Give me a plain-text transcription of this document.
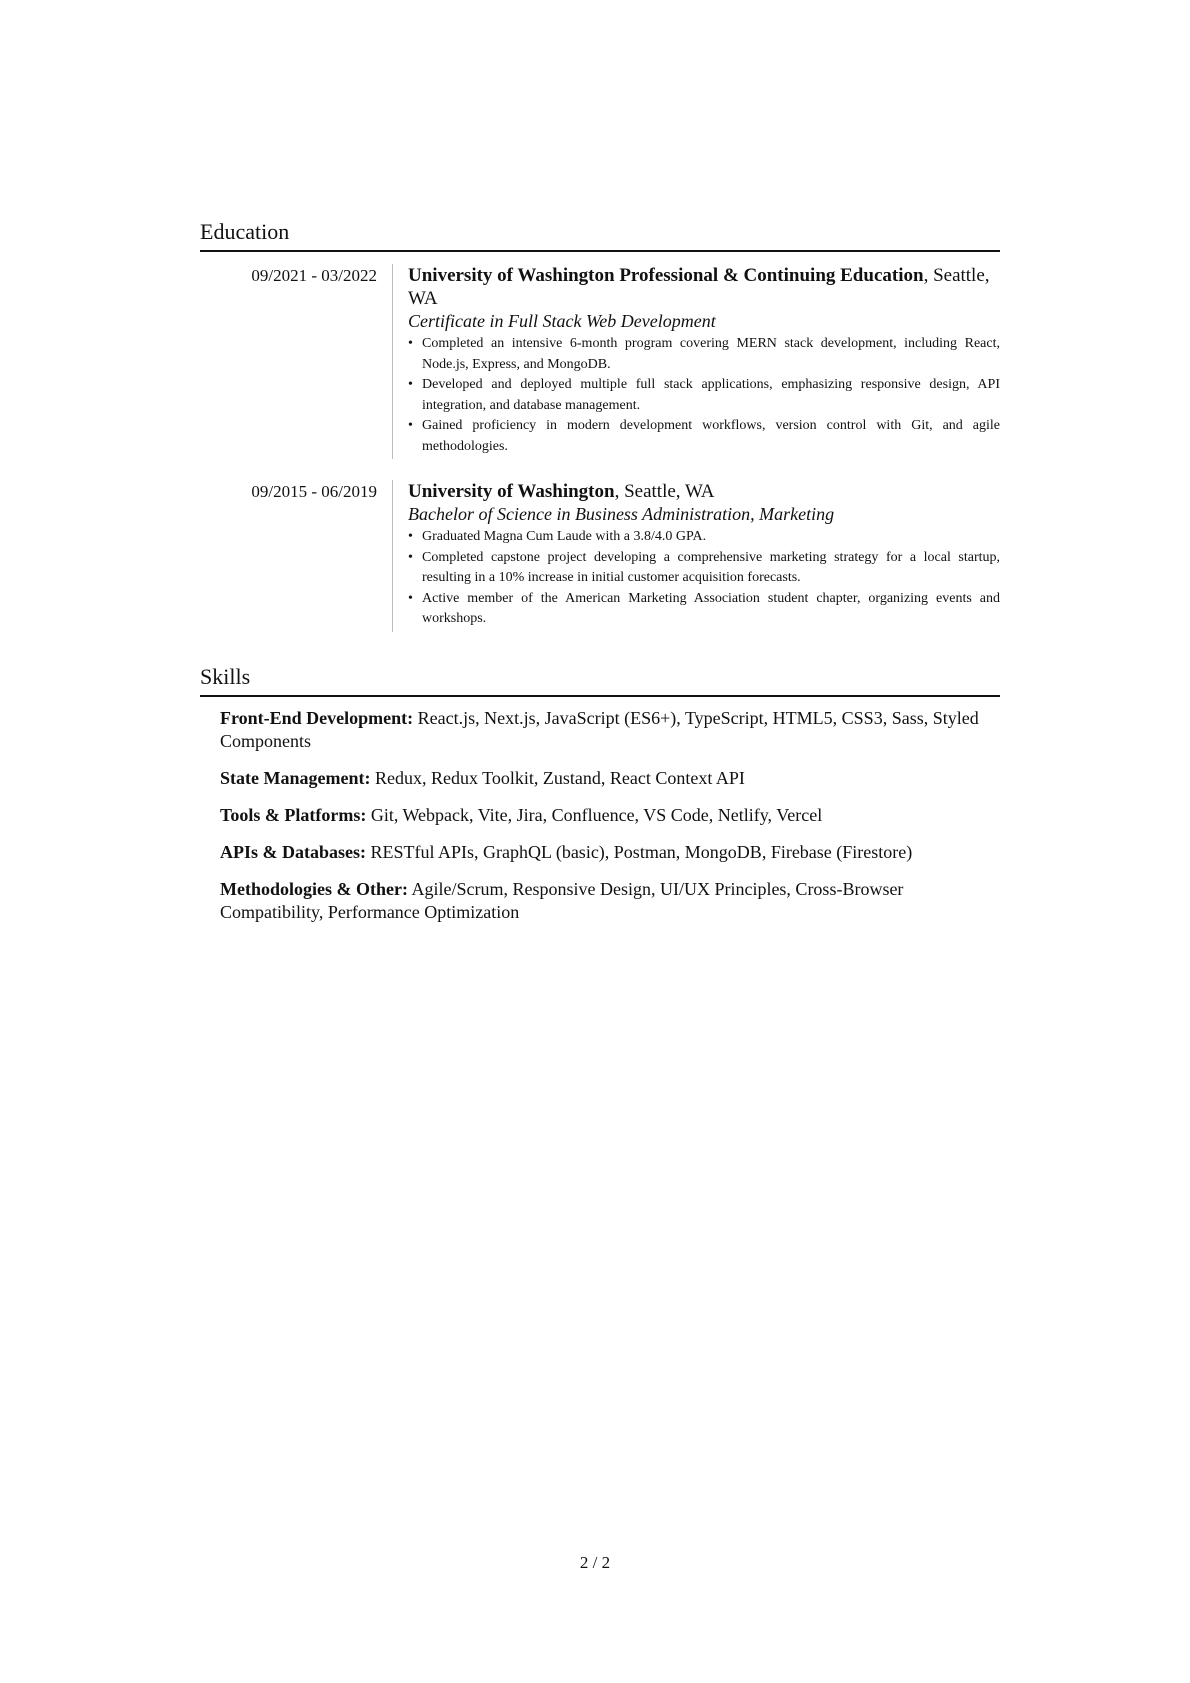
Education
09/2021 - 03/2022	University of Washington Professional & Continuing Education, Seattle, WA
Certificate in Full Stack Web Development
• Completed an intensive 6-month program covering MERN stack development, including React, Node.js, Express, and MongoDB.
• Developed and deployed multiple full stack applications, emphasizing responsive design, API integration, and database management.
• Gained proficiency in modern development workflows, version control with Git, and agile methodologies.
09/2015 - 06/2019	University of Washington, Seattle, WA
Bachelor of Science in Business Administration, Marketing
• Graduated Magna Cum Laude with a 3.8/4.0 GPA.
• Completed capstone project developing a comprehensive marketing strategy for a local startup, resulting in a 10% increase in initial customer acquisition forecasts.
• Active member of the American Marketing Association student chapter, organizing events and workshops.
Skills
Front-End Development: React.js, Next.js, JavaScript (ES6+), TypeScript, HTML5, CSS3, Sass, Styled Components
State Management: Redux, Redux Toolkit, Zustand, React Context API
Tools & Platforms: Git, Webpack, Vite, Jira, Confluence, VS Code, Netlify, Vercel
APIs & Databases: RESTful APIs, GraphQL (basic), Postman, MongoDB, Firebase (Firestore)
Methodologies & Other: Agile/Scrum, Responsive Design, UI/UX Principles, Cross-Browser Compatibility, Performance Optimization
2 / 2
